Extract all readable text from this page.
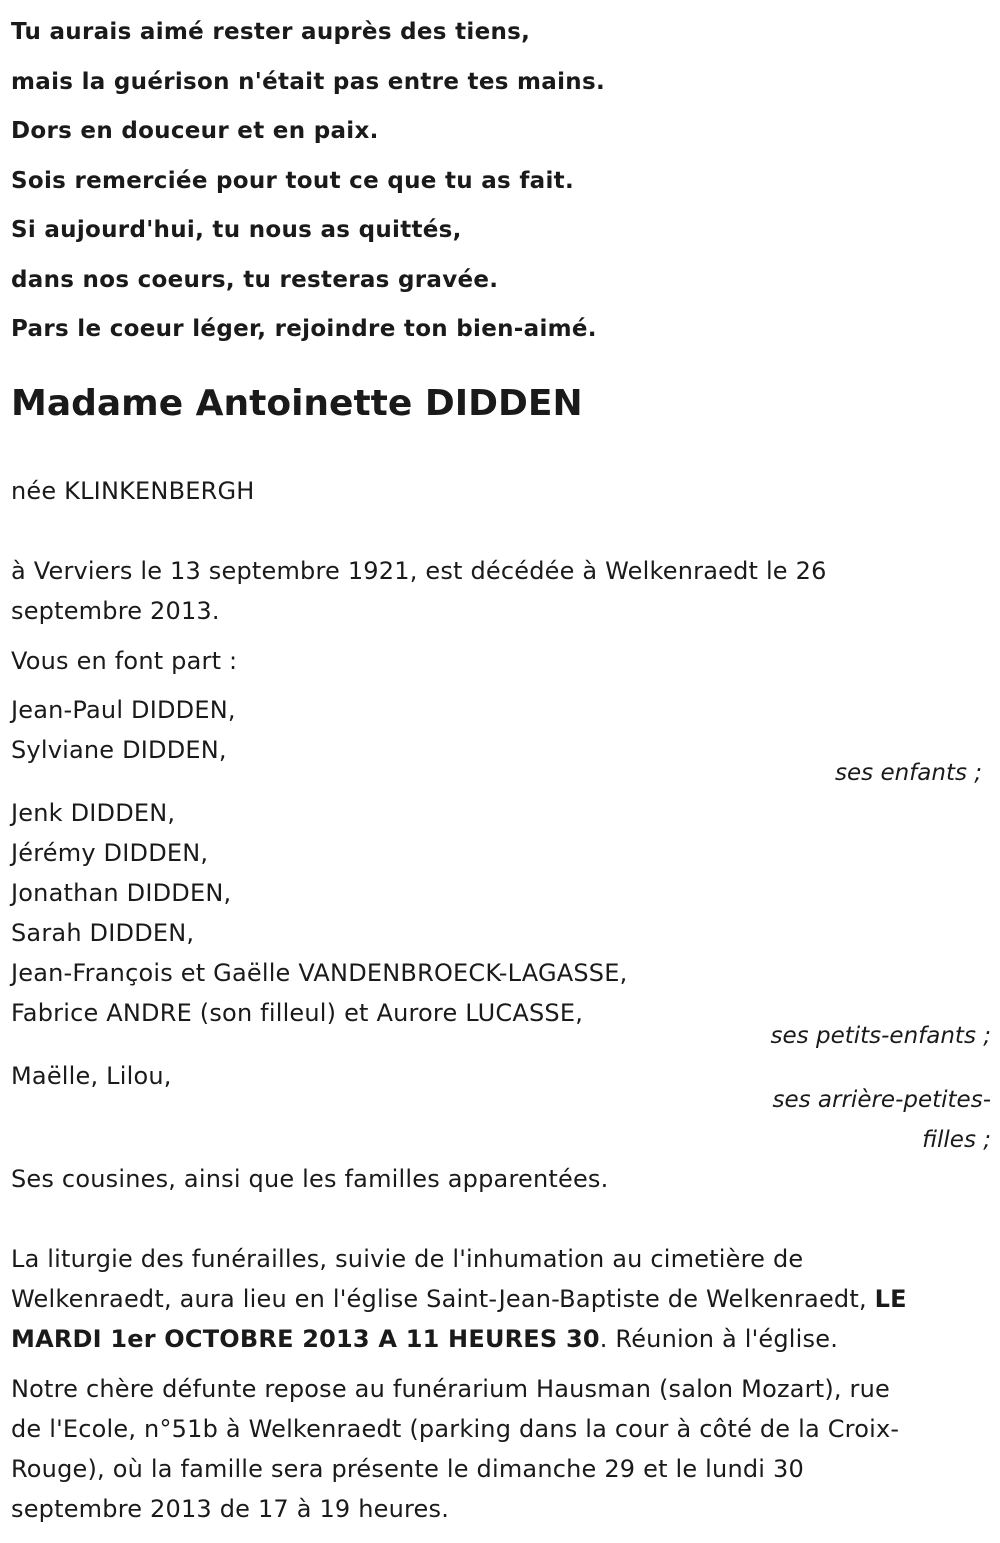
Tu aurais aimé rester auprès des tiens,
mais la guérison n'était pas entre tes mains.
Dors en douceur et en paix.
Sois remerciée pour tout ce que tu as fait.
Si aujourd'hui, tu nous as quittés,
dans nos coeurs, tu resteras gravée.
Pars le coeur léger, rejoindre ton bien-aimé.
Madame Antoinette DIDDEN
née KLINKENBERGH
à Verviers le 13 septembre 1921, est décédée à Welkenraedt le 26
septembre 2013.
Vous en font part :
Jean-Paul DIDDEN,
Sylviane DIDDEN,
ses enfants ;
Jenk DIDDEN,
Jérémy DIDDEN,
Jonathan DIDDEN,
Sarah DIDDEN,
Jean-François et Gaëlle VANDENBROECK-LAGASSE,
Fabrice ANDRE (son filleul) et Aurore LUCASSE,
ses petits-enfants ;
Maëlle, Lilou,
ses arrière-petites-
filles ;
Ses cousines, ainsi que les familles apparentées.
La liturgie des funérailles, suivie de l'inhumation au cimetière de
Welkenraedt, aura lieu en l'église Saint-Jean-Baptiste de Welkenraedt, LE
MARDI 1er OCTOBRE 2013 A 11 HEURES 30. Réunion à l'église.
Notre chère défunte repose au funérarium Hausman (salon Mozart), rue
de l'Ecole, n°51b à Welkenraedt (parking dans la cour à côté de la Croix-
Rouge), où la famille sera présente le dimanche 29 et le lundi 30
septembre 2013 de 17 à 19 heures.
